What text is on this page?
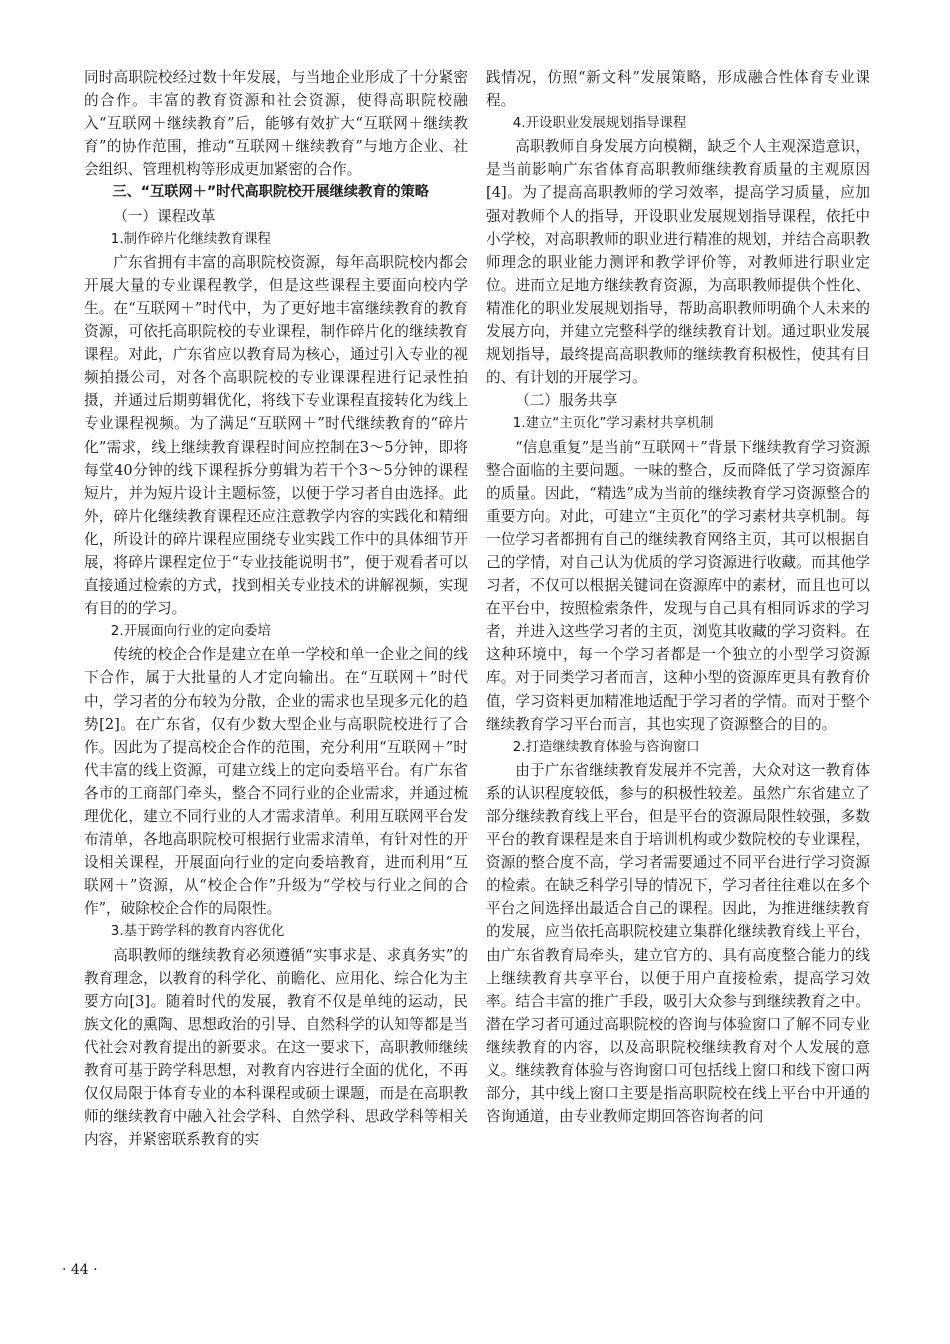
同时高职院校经过数十年发展，与当地企业形成了十分紧密的合作。丰富的教育资源和社会资源，使得高职院校融入“互联网＋继续教育”后，能够有效扩大“互联网＋继续教育”的协作范围，推动“互联网＋继续教育”与地方企业、社会组织、管理机构等形成更加紧密的合作。

三、“互联网＋”时代高职院校开展继续教育的策略

（一）课程改革

1.制作碎片化继续教育课程

广东省拥有丰富的高职院校资源，每年高职院校内都会开展大量的专业课程教学，但是这些课程主要面向校内学生。在“互联网＋”时代中，为了更好地丰富继续教育的教育资源，可依托高职院校的专业课程，制作碎片化的继续教育课程。对此，广东省应以教育局为核心，通过引入专业的视频拍摄公司，对各个高职院校的专业课课程进行记录性拍摄，并通过后期剪辑优化，将线下专业课程直接转化为线上专业课程视频。为了满足“互联网＋”时代继续教育的“碎片化”需求，线上继续教育课程时间应控制在3～5分钟，即将每堂40分钟的线下课程拆分剪辑为若干个3～5分钟的课程短片，并为短片设计主题标签，以便于学习者自由选择。此外，碎片化继续教育课程还应注意教学内容的实践化和精细化，所设计的碎片课程应围绕专业实践工作中的具体细节开展，将碎片课程定位于“专业技能说明书”，便于观看者可以直接通过检索的方式，找到相关专业技术的讲解视频，实现有目的的学习。

2.开展面向行业的定向委培

传统的校企合作是建立在单一学校和单一企业之间的线下合作，属于大批量的人才定向输出。在“互联网＋”时代中，学习者的分布较为分散，企业的需求也呈现多元化的趋势[2]。在广东省，仅有少数大型企业与高职院校进行了合作。因此为了提高校企合作的范围，充分利用“互联网＋”时代丰富的线上资源，可建立线上的定向委培平台。有广东省各市的工商部门牵头，整合不同行业的企业需求，并通过梳理优化，建立不同行业的人才需求清单。利用互联网平台发布清单，各地高职院校可根据行业需求清单，有针对性的开设相关课程，开展面向行业的定向委培教育，进而利用“互联网＋”资源，从“校企合作”升级为“学校与行业之间的合作”，破除校企合作的局限性。

3.基于跨学科的教育内容优化

高职教师的继续教育必须遵循“实事求是、求真务实”的教育理念，以教育的科学化、前瞻化、应用化、综合化为主要方向[3]。随着时代的发展，教育不仅是单纯的运动，民族文化的熏陶、思想政治的引导、自然科学的认知等都是当代社会对教育提出的新要求。在这一要求下，高职教师继续教育可基于跨学科思想，对教育内容进行全面的优化，不再仅仅局限于体育专业的本科课程或硕士课题，而是在高职教师的继续教育中融入社会学科、自然学科、思政学科等相关内容，并紧密联系教育的实

践情况，仿照“新文科”发展策略，形成融合性体育专业课程。

4.开设职业发展规划指导课程

高职教师自身发展方向模糊，缺乏个人主观深造意识，是当前影响广东省体育高职教师继续教育质量的主观原因[4]。为了提高高职教师的学习效率，提高学习质量，应加强对教师个人的指导，开设职业发展规划指导课程，依托中小学校，对高职教师的职业进行精准的规划，并结合高职教师理念的职业能力测评和教学评价等，对教师进行职业定位。进而立足地方继续教育资源，为高职教师提供个性化、精准化的职业发展规划指导，帮助高职教师明确个人未来的发展方向，并建立完整科学的继续教育计划。通过职业发展规划指导，最终提高高职教师的继续教育积极性，使其有目的、有计划的开展学习。

（二）服务共享

1.建立“主页化”学习素材共享机制

“信息重复”是当前“互联网＋”背景下继续教育学习资源整合面临的主要问题。一味的整合，反而降低了学习资源库的质量。因此，“精选”成为当前的继续教育学习资源整合的重要方向。对此，可建立“主页化”的学习素材共享机制。每一位学习者都拥有自己的继续教育网络主页，其可以根据自己的学情，对自己认为优质的学习资源进行收藏。而其他学习者，不仅可以根据关键词在资源库中的素材，而且也可以在平台中，按照检索条件，发现与自己具有相同诉求的学习者，并进入这些学习者的主页，浏览其收藏的学习资料。在这种环境中，每一个学习者都是一个独立的小型学习资源库。对于同类学习者而言，这种小型的资源库更具有教育价值，学习资料更加精准地适配于学习者的学情。而对于整个继续教育学习平台而言，其也实现了资源整合的目的。

2.打造继续教育体验与咨询窗口

由于广东省继续教育发展并不完善，大众对这一教育体系的认识程度较低，参与的积极性较差。虽然广东省建立了部分继续教育线上平台，但是平台的资源局限性较强，多数平台的教育课程是来自于培训机构或少数院校的专业课程，资源的整合度不高，学习者需要通过不同平台进行学习资源的检索。在缺乏科学引导的情况下，学习者往往难以在多个平台之间选择出最适合自己的课程。因此，为推进继续教育的发展，应当依托高职院校建立集群化继续教育线上平台，由广东省教育局牵头，建立官方的、具有高度整合能力的线上继续教育共享平台，以便于用户直接检索，提高学习效率。结合丰富的推广手段，吸引大众参与到继续教育之中。潜在学习者可通过高职院校的咨询与体验窗口了解不同专业继续教育的内容，以及高职院校继续教育对个人发展的意义。继续教育体验与咨询窗口可包括线上窗口和线下窗口两部分，其中线上窗口主要是指高职院校在线上平台中开通的咨询通道，由专业教师定期回答咨询者的问

· 44 ·
